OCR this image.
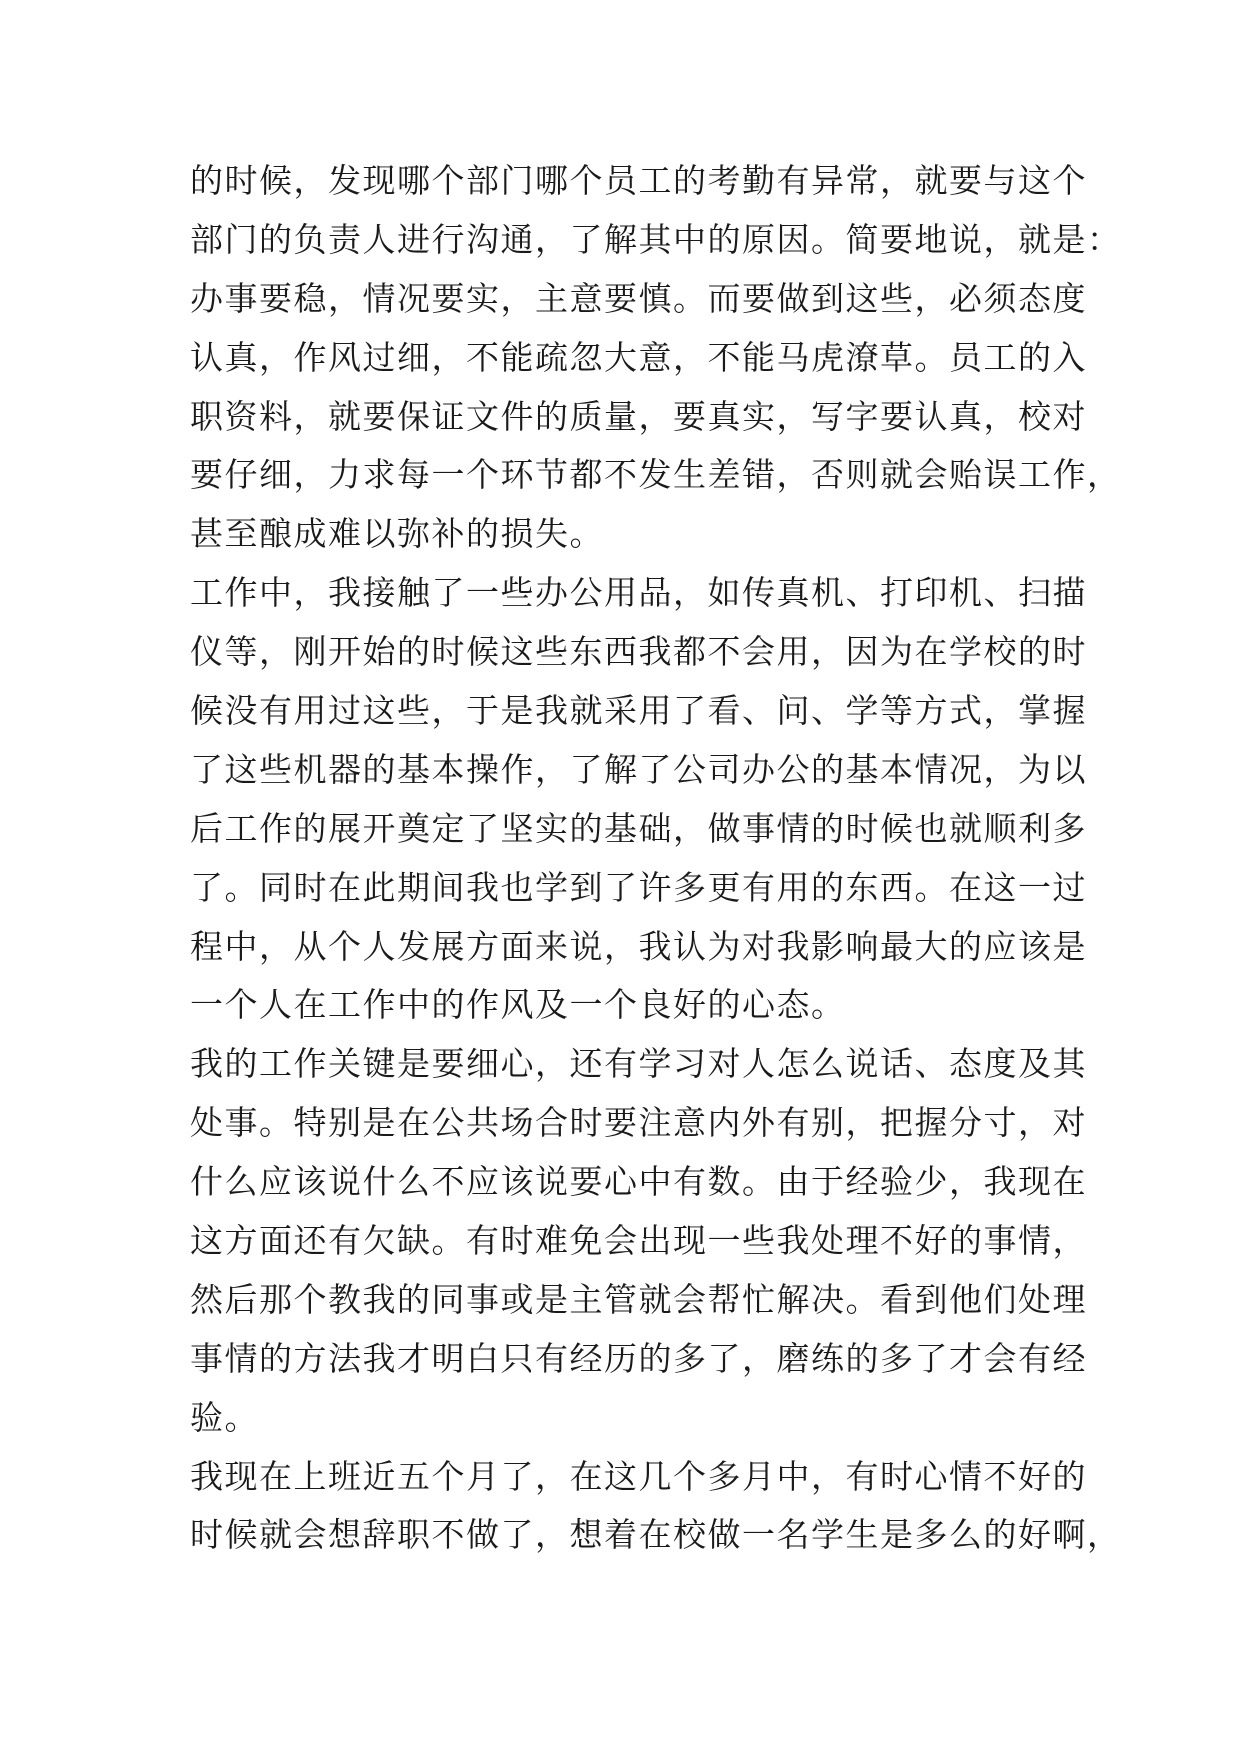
的时候，发现哪个部门哪个员工的考勤有异常，就要与这个
部门的负责人进行沟通，了解其中的原因。简要地说，就是：
办事要稳，情况要实，主意要慎。而要做到这些，必须态度
认真，作风过细，不能疏忽大意，不能马虎潦草。员工的入
职资料，就要保证文件的质量，要真实，写字要认真，校对
要仔细，力求每一个环节都不发生差错，否则就会贻误工作，
甚至酿成难以弥补的损失。
工作中，我接触了一些办公用品，如传真机、打印机、扫描
仪等，刚开始的时候这些东西我都不会用，因为在学校的时
候没有用过这些，于是我就采用了看、问、学等方式，掌握
了这些机器的基本操作，了解了公司办公的基本情况，为以
后工作的展开奠定了坚实的基础，做事情的时候也就顺利多
了。同时在此期间我也学到了许多更有用的东西。在这一过
程中，从个人发展方面来说，我认为对我影响最大的应该是
一个人在工作中的作风及一个良好的心态。
我的工作关键是要细心，还有学习对人怎么说话、态度及其
处事。特别是在公共场合时要注意内外有别，把握分寸，对
什么应该说什么不应该说要心中有数。由于经验少，我现在
这方面还有欠缺。有时难免会出现一些我处理不好的事情，
然后那个教我的同事或是主管就会帮忙解决。看到他们处理
事情的方法我才明白只有经历的多了，磨练的多了才会有经
验。
我现在上班近五个月了，在这几个多月中，有时心情不好的
时候就会想辞职不做了，想着在校做一名学生是多么的好啊，
